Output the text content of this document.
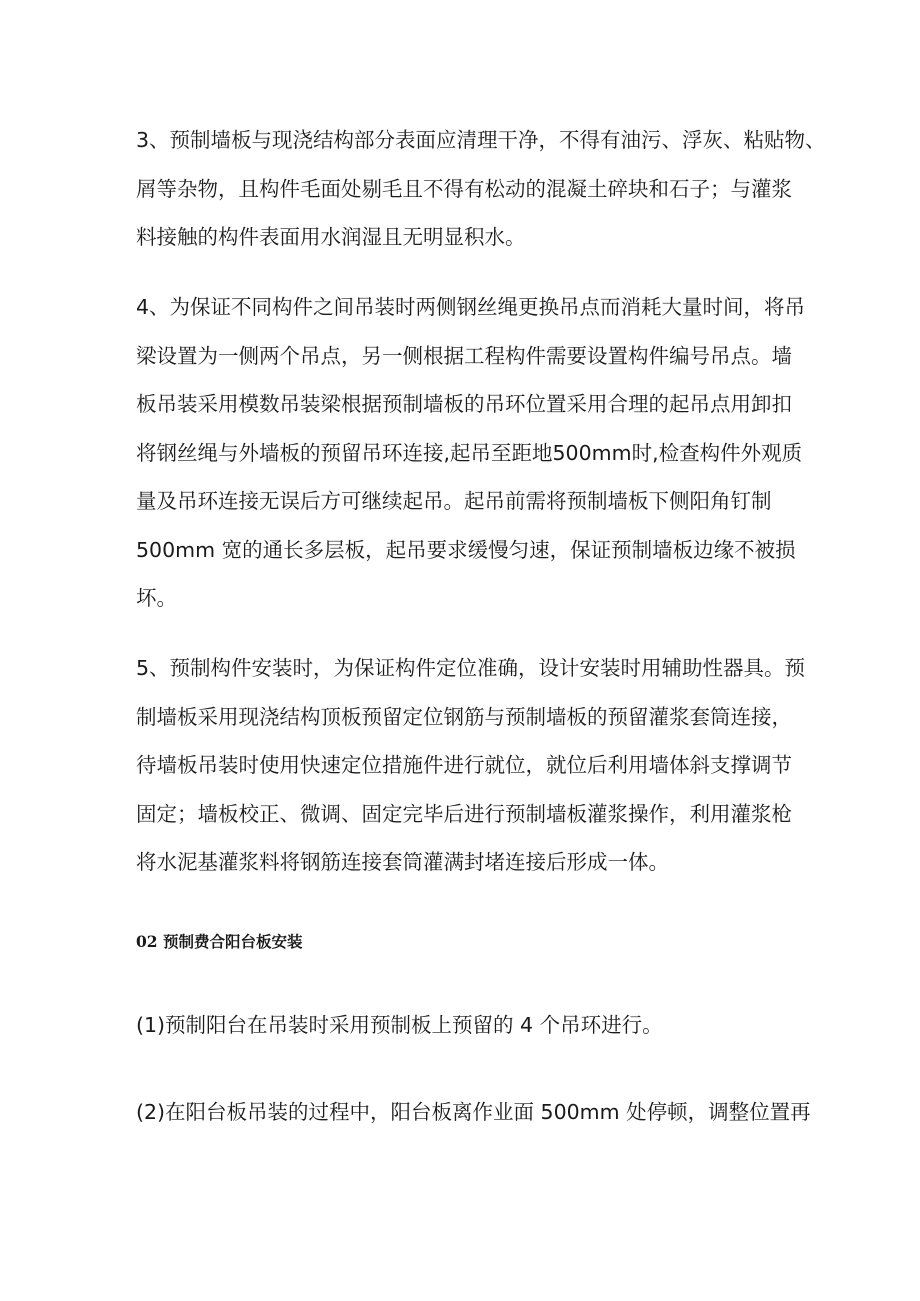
3、预制墙板与现浇结构部分表面应清理干净，不得有油污、浮灰、粘贴物、
屑等杂物，且构件毛面处剔毛且不得有松动的混凝土碎块和石子；与灌浆
料接触的构件表面用水润湿且无明显积水。

4、为保证不同构件之间吊装时两侧钢丝绳更换吊点而消耗大量时间，将吊
梁设置为一侧两个吊点，另一侧根据工程构件需要设置构件编号吊点。墙
板吊装采用模数吊装梁根据预制墙板的吊环位置采用合理的起吊点用卸扣
将钢丝绳与外墙板的预留吊环连接,起吊至距地500mm时,检查构件外观质
量及吊环连接无误后方可继续起吊。起吊前需将预制墙板下侧阳角钉制
500mm 宽的通长多层板，起吊要求缓慢匀速，保证预制墙板边缘不被损
坏。

5、预制构件安装时，为保证构件定位准确，设计安装时用辅助性器具。预
制墙板采用现浇结构顶板预留定位钢筋与预制墙板的预留灌浆套筒连接，
待墙板吊装时使用快速定位措施件进行就位，就位后利用墙体斜支撑调节
固定；墙板校正、微调、固定完毕后进行预制墙板灌浆操作，利用灌浆枪
将水泥基灌浆料将钢筋连接套筒灌满封堵连接后形成一体。

02 预制费合阳台板安装

(1)预制阳台在吊装时采用预制板上预留的 4 个吊环进行。

(2)在阳台板吊装的过程中，阳台板离作业面 500mm 处停顿，调整位置再
